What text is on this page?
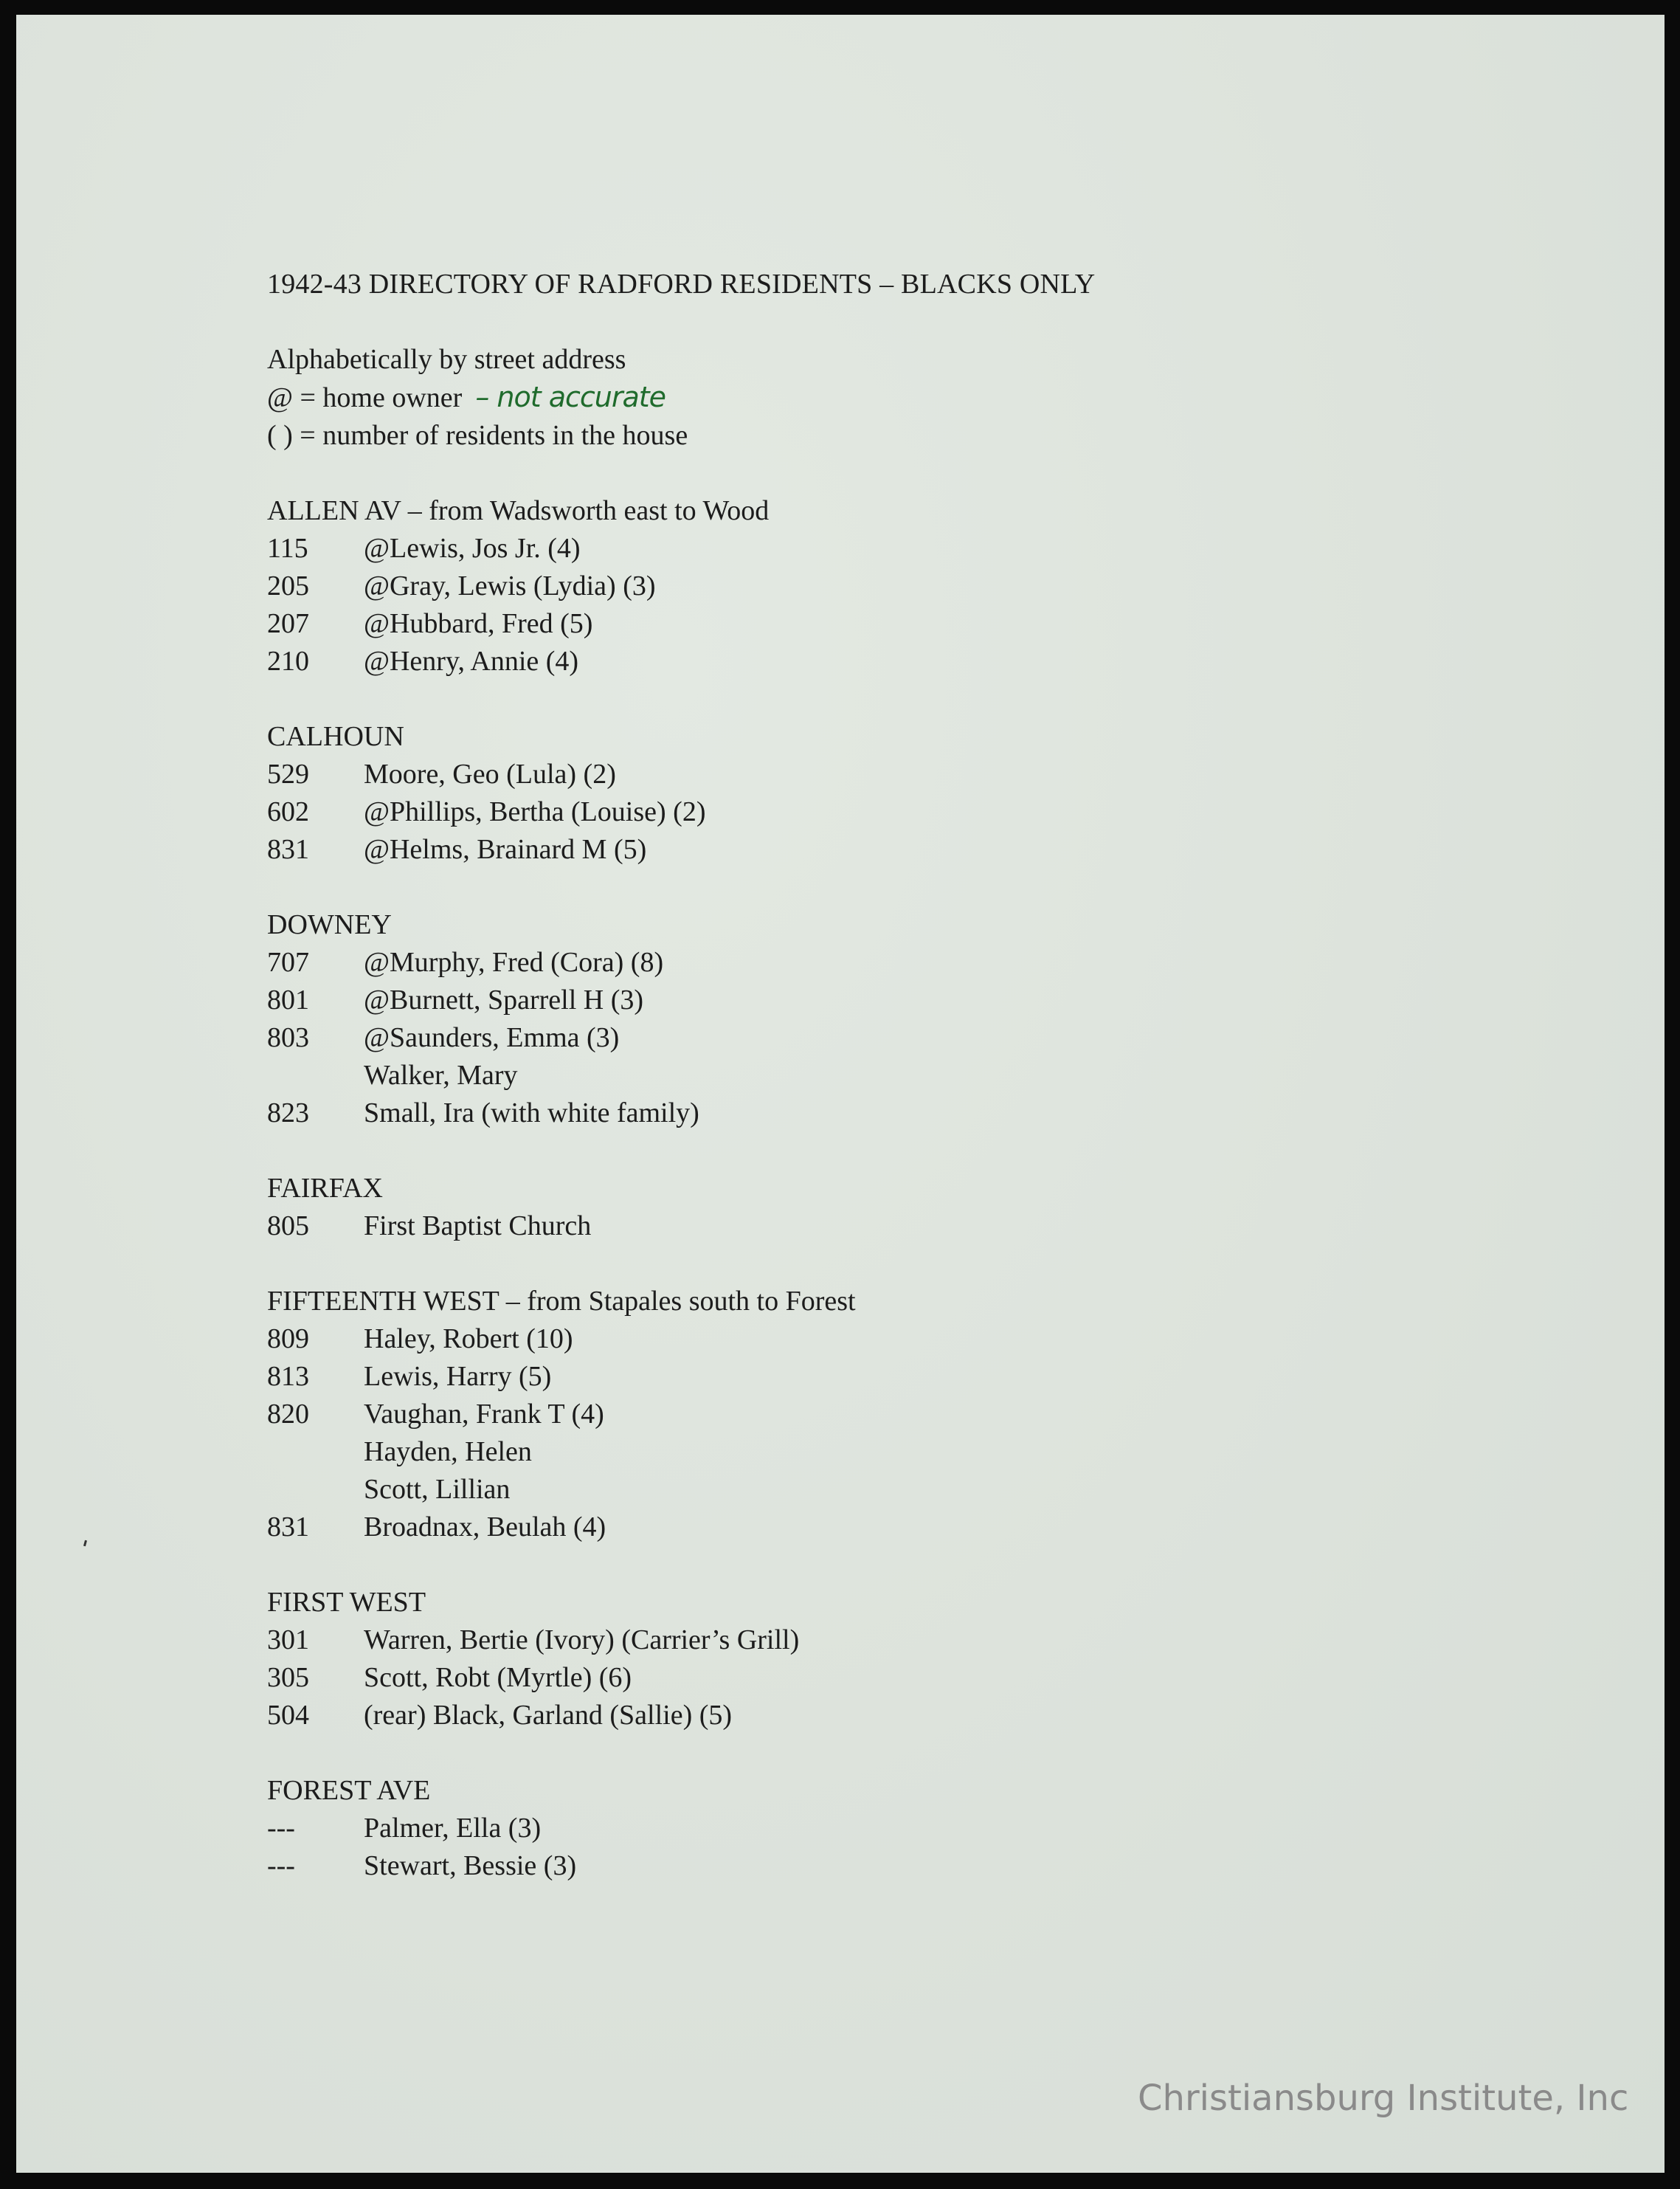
1942-43 DIRECTORY OF RADFORD RESIDENTS – BLACKS ONLY
Alphabetically by street address
@ = home owner – not accurate
( ) = number of residents in the house
ALLEN AV – from Wadsworth east to Wood
115	@Lewis, Jos Jr. (4)
205	@Gray, Lewis (Lydia) (3)
207	@Hubbard, Fred (5)
210	@Henry, Annie (4)
CALHOUN
529	Moore, Geo (Lula) (2)
602	@Phillips, Bertha (Louise) (2)
831	@Helms, Brainard M (5)
DOWNEY
707	@Murphy, Fred (Cora) (8)
801	@Burnett, Sparrell H (3)
803	@Saunders, Emma (3)
Walker, Mary
823	Small, Ira (with white family)
FAIRFAX
805	First Baptist Church
FIFTEENTH WEST – from Stapales south to Forest
809	Haley, Robert (10)
813	Lewis, Harry (5)
820	Vaughan, Frank T (4)
Hayden, Helen
Scott, Lillian
831	Broadnax, Beulah (4)
FIRST WEST
301	Warren, Bertie (Ivory) (Carrier’s Grill)
305	Scott, Robt (Myrtle) (6)
504	(rear) Black, Garland (Sallie) (5)
FOREST AVE
---	Palmer, Ella (3)
---	Stewart, Bessie (3)
Christiansburg Institute, Inc
